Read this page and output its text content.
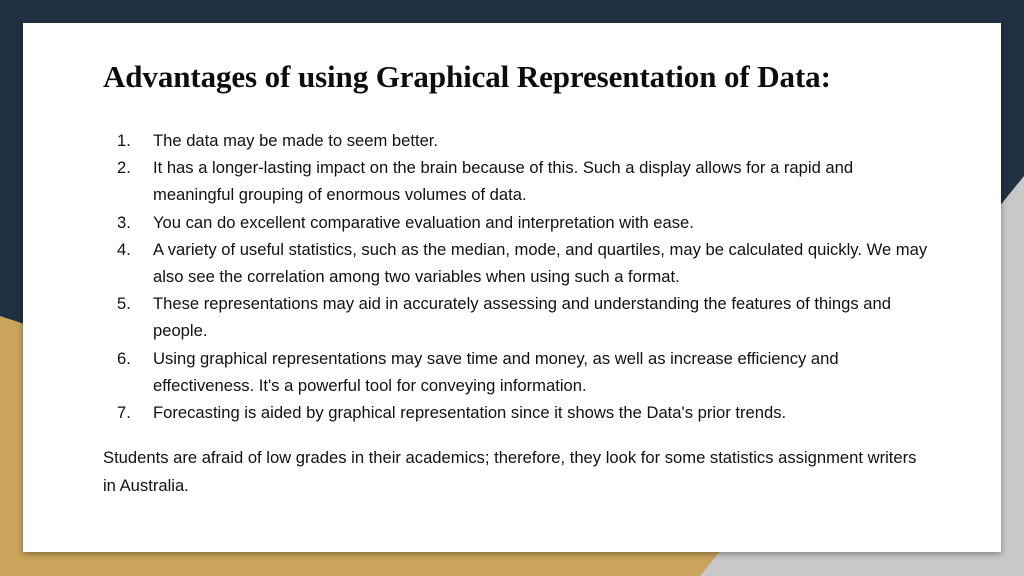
Advantages of using Graphical Representation of Data:
1. The data may be made to seem better.
2. It has a longer-lasting impact on the brain because of this. Such a display allows for a rapid and meaningful grouping of enormous volumes of data.
3. You can do excellent comparative evaluation and interpretation with ease.
4. A variety of useful statistics, such as the median, mode, and quartiles, may be calculated quickly. We may also see the correlation among two variables when using such a format.
5. These representations may aid in accurately assessing and understanding the features of things and people.
6. Using graphical representations may save time and money, as well as increase efficiency and effectiveness. It's a powerful tool for conveying information.
7. Forecasting is aided by graphical representation since it shows the Data's prior trends.

Students are afraid of low grades in their academics; therefore, they look for some statistics assignment writers in Australia.
